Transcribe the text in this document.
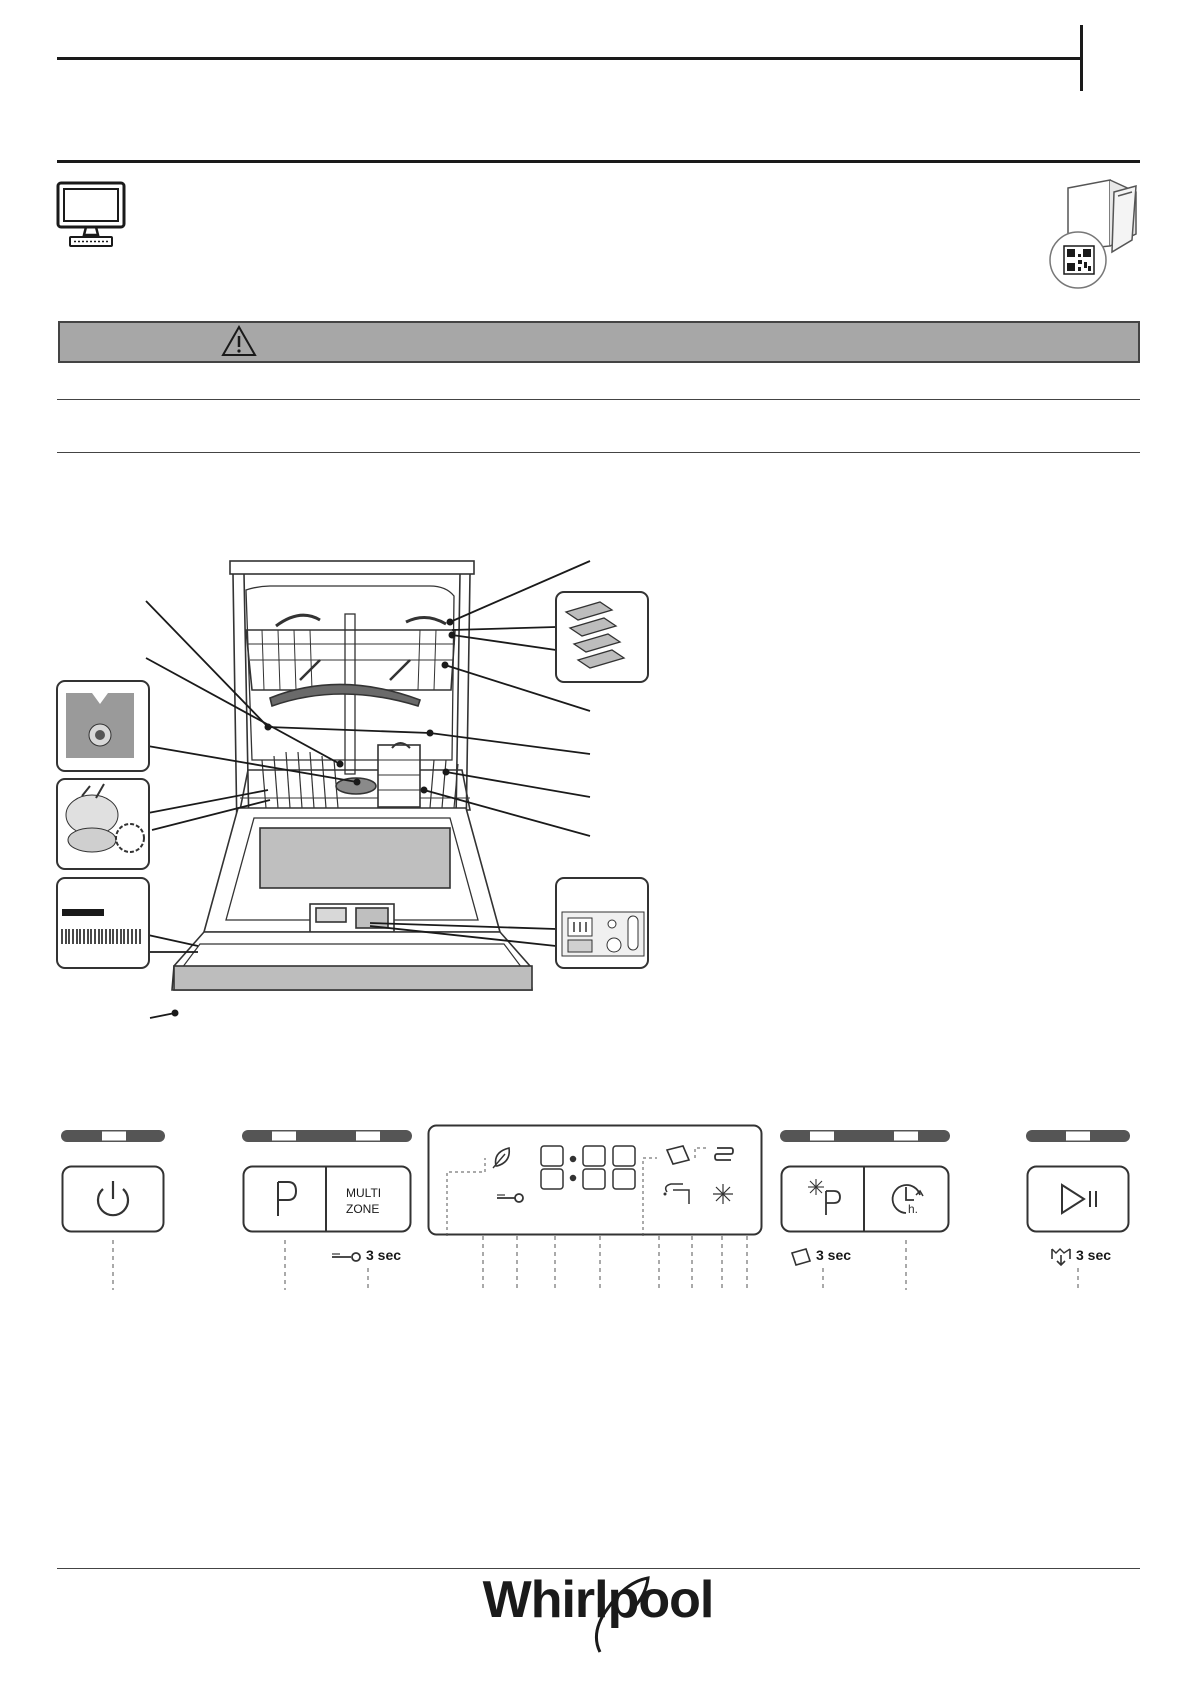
MULTI
ZONE	h.
3 sec	3 sec	3 sec
Whirlpool
